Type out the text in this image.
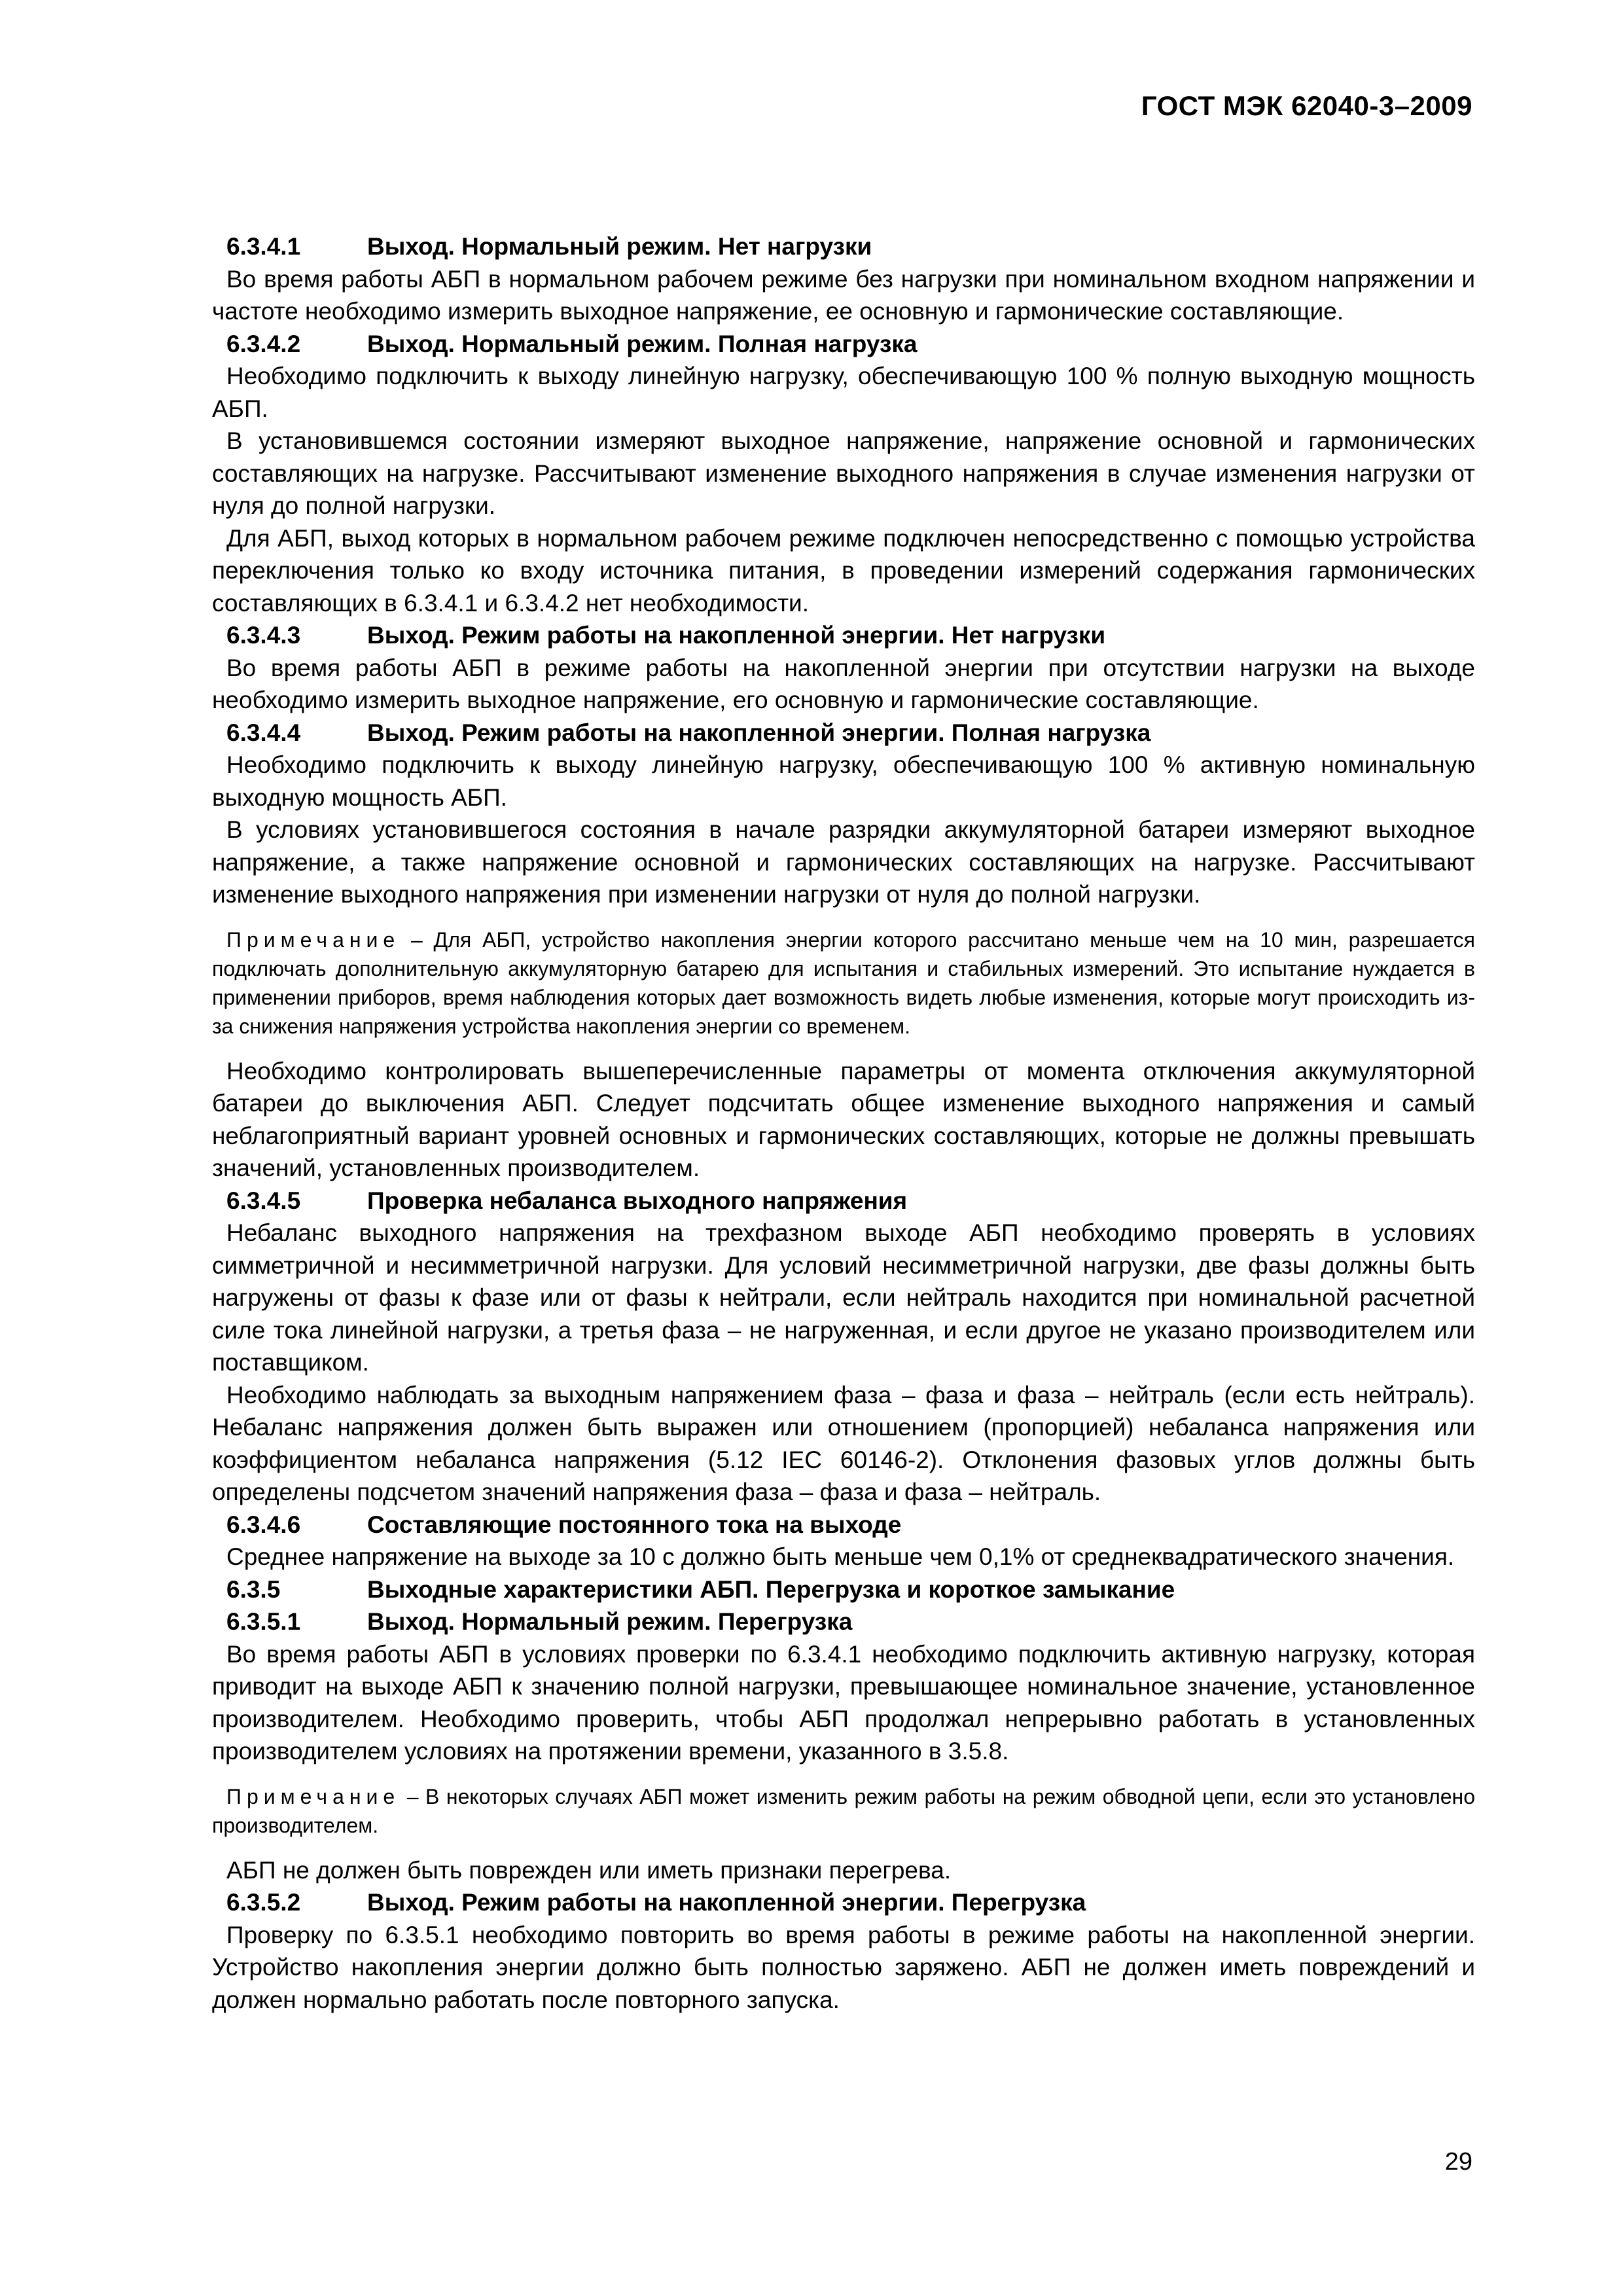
ГОСТ МЭК 62040-3–2009
6.3.4.1	Выход. Нормальный режим. Нет нагрузки

Во время работы АБП в нормальном рабочем режиме без нагрузки при номинальном входном напряжении и частоте необходимо измерить выходное напряжение, ее основную и гармонические составляющие.

6.3.4.2	Выход. Нормальный режим. Полная нагрузка

Необходимо подключить к выходу линейную нагрузку, обеспечивающую 100 % полную выходную мощность АБП.

В установившемся состоянии измеряют выходное напряжение, напряжение основной и гармонических составляющих на нагрузке. Рассчитывают изменение выходного напряжения в случае изменения нагрузки от нуля до полной нагрузки.

Для АБП, выход которых в нормальном рабочем режиме подключен непосредственно с помощью устройства переключения только ко входу источника питания, в проведении измерений содержания гармонических составляющих в 6.3.4.1 и 6.3.4.2 нет необходимости.

6.3.4.3	Выход. Режим работы на накопленной энергии. Нет нагрузки

Во время работы АБП в режиме работы на накопленной энергии при отсутствии нагрузки на выходе необходимо измерить выходное напряжение, его основную и гармонические составляющие.

6.3.4.4	Выход. Режим работы на накопленной энергии. Полная нагрузка

Необходимо подключить к выходу линейную нагрузку, обеспечивающую 100 % активную номинальную выходную мощность АБП.

В условиях установившегося состояния в начале разрядки аккумуляторной батареи измеряют выходное напряжение, а также напряжение основной и гармонических составляющих на нагрузке. Рассчитывают изменение выходного напряжения при изменении нагрузки от нуля до полной нагрузки.

Примечание – Для АБП, устройство накопления энергии которого рассчитано меньше чем на 10 мин, разрешается подключать дополнительную аккумуляторную батарею для испытания и стабильных измерений. Это испытание нуждается в применении приборов, время наблюдения которых дает возможность видеть любые изменения, которые могут происходить из-за снижения напряжения устройства накопления энергии со временем.

Необходимо контролировать вышеперечисленные параметры от момента отключения аккумуляторной батареи до выключения АБП. Следует подсчитать общее изменение выходного напряжения и самый неблагоприятный вариант уровней основных и гармонических составляющих, которые не должны превышать значений, установленных производителем.

6.3.4.5	Проверка небаланса выходного напряжения

Небаланс выходного напряжения на трехфазном выходе АБП необходимо проверять в условиях симметричной и несимметричной нагрузки. Для условий несимметричной нагрузки, две фазы должны быть нагружены от фазы к фазе или от фазы к нейтрали, если нейтраль находится при номинальной расчетной силе тока линейной нагрузки, а третья фаза – не нагруженная, и если другое не указано производителем или поставщиком.

Необходимо наблюдать за выходным напряжением фаза – фаза и фаза – нейтраль (если есть нейтраль). Небаланс напряжения должен быть выражен или отношением (пропорцией) небаланса напряжения или коэффициентом небаланса напряжения (5.12 IEC 60146-2). Отклонения фазовых углов должны быть определены подсчетом значений напряжения фаза – фаза и фаза – нейтраль.

6.3.4.6	Составляющие постоянного тока на выходе

Среднее напряжение на выходе за 10 с должно быть меньше чем 0,1% от среднеквадратического значения.

6.3.5	Выходные характеристики АБП. Перегрузка и короткое замыкание
6.3.5.1	Выход. Нормальный режим. Перегрузка

Во время работы АБП в условиях проверки по 6.3.4.1 необходимо подключить активную нагрузку, которая приводит на выходе АБП к значению полной нагрузки, превышающее номинальное значение, установленное производителем. Необходимо проверить, чтобы АБП продолжал непрерывно работать в установленных производителем условиях на протяжении времени, указанного в 3.5.8.

Примечание – В некоторых случаях АБП может изменить режим работы на режим обводной цепи, если это установлено производителем.

АБП не должен быть поврежден или иметь признаки перегрева.

6.3.5.2	Выход. Режим работы на накопленной энергии. Перегрузка

Проверку по 6.3.5.1 необходимо повторить во время работы в режиме работы на накопленной энергии. Устройство накопления энергии должно быть полностью заряжено. АБП не должен иметь повреждений и должен нормально работать после повторного запуска.

29
